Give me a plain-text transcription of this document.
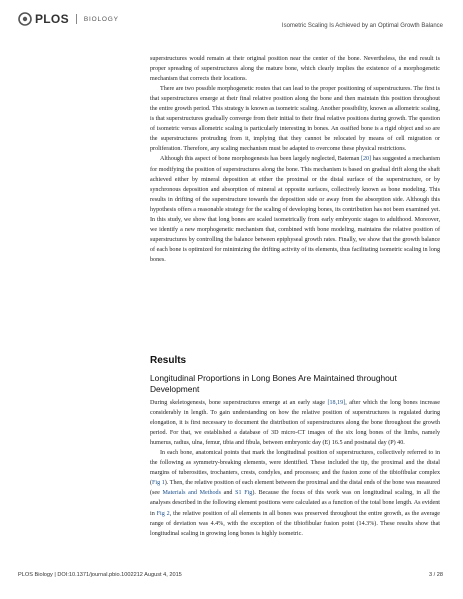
PLOS BIOLOGY
Isometric Scaling Is Achieved by an Optimal Growth Balance

superstructures would remain at their original position near the center of the bone. Nevertheless, the end result is proper spreading of superstructures along the mature bone, which clearly implies the existence of a morphogenetic mechanism that corrects their locations.

There are two possible morphogenetic routes that can lead to the proper positioning of superstructures. The first is that superstructures emerge at their final relative position along the bone and then maintain this position throughout the entire growth period. This strategy is known as isometric scaling. Another possibility, known as allometric scaling, is that superstructures gradually converge from their initial to their final relative positions during growth. The question of isometric versus allometric scaling is particularly interesting in bones. An ossified bone is a rigid object and so are the superstructures protruding from it, implying that they cannot be relocated by means of cell migration or proliferation. Therefore, any scaling mechanism must be adapted to overcome these physical restrictions.

Although this aspect of bone morphogenesis has been largely neglected, Bateman [20] has suggested a mechanism for modifying the position of superstructures along the bone. This mechanism is based on gradual drift along the shaft achieved either by mineral deposition at either the proximal or the distal surface of the superstructure, or by synchronous deposition and absorption of mineral at opposite surfaces, collectively known as bone modeling. This results in drifting of the superstructure towards the deposition side or away from the absorption side. Although this hypothesis offers a reasonable strategy for the scaling of developing bones, its contribution has not been examined yet. In this study, we show that long bones are scaled isometrically from early embryonic stages to adulthood. Moreover, we identify a new morphogenetic mechanism that, combined with bone modeling, maintains the relative position of superstructures by controlling the balance between epiphyseal growth rates. Finally, we show that the growth balance of each bone is optimized for minimizing the drifting activity of its elements, thus facilitating isometric scaling in long bones.

Results
Longitudinal Proportions in Long Bones Are Maintained throughout Development

During skeletogenesis, bone superstructures emerge at an early stage [18,19], after which the long bones increase considerably in length. To gain understanding on how the relative position of superstructures is regulated during elongation, it is first necessary to document the distribution of superstructures along the bone throughout the growth period. For that, we established a database of 3D micro-CT images of the six long bones of the limbs, namely humerus, radius, ulna, femur, tibia and fibula, between embryonic day (E) 16.5 and postnatal day (P) 40.

In each bone, anatomical points that mark the longitudinal position of superstructures, collectively referred to in the following as symmetry-breaking elements, were identified. These included the tip, the proximal and the distal margins of tuberosities, trochanters, crests, condyles, and processes; and the fusion zone of the tibiofibular complex (Fig 1). Then, the relative position of each element between the proximal and the distal ends of the bone was measured (see Materials and Methods and S1 Fig). Because the focus of this work was on longitudinal scaling, in all the analyses described in the following element positions were calculated as a function of the total bone length. As evident in Fig 2, the relative position of all elements in all bones was preserved throughout the entire growth, as the average range of deviation was 4.4%, with the exception of the tibiofibular fusion point (14.3%). These results show that longitudinal scaling in growing long bones is highly isometric.

PLOS Biology | DOI:10.1371/journal.pbio.1002212 August 4, 2015	3 / 28
